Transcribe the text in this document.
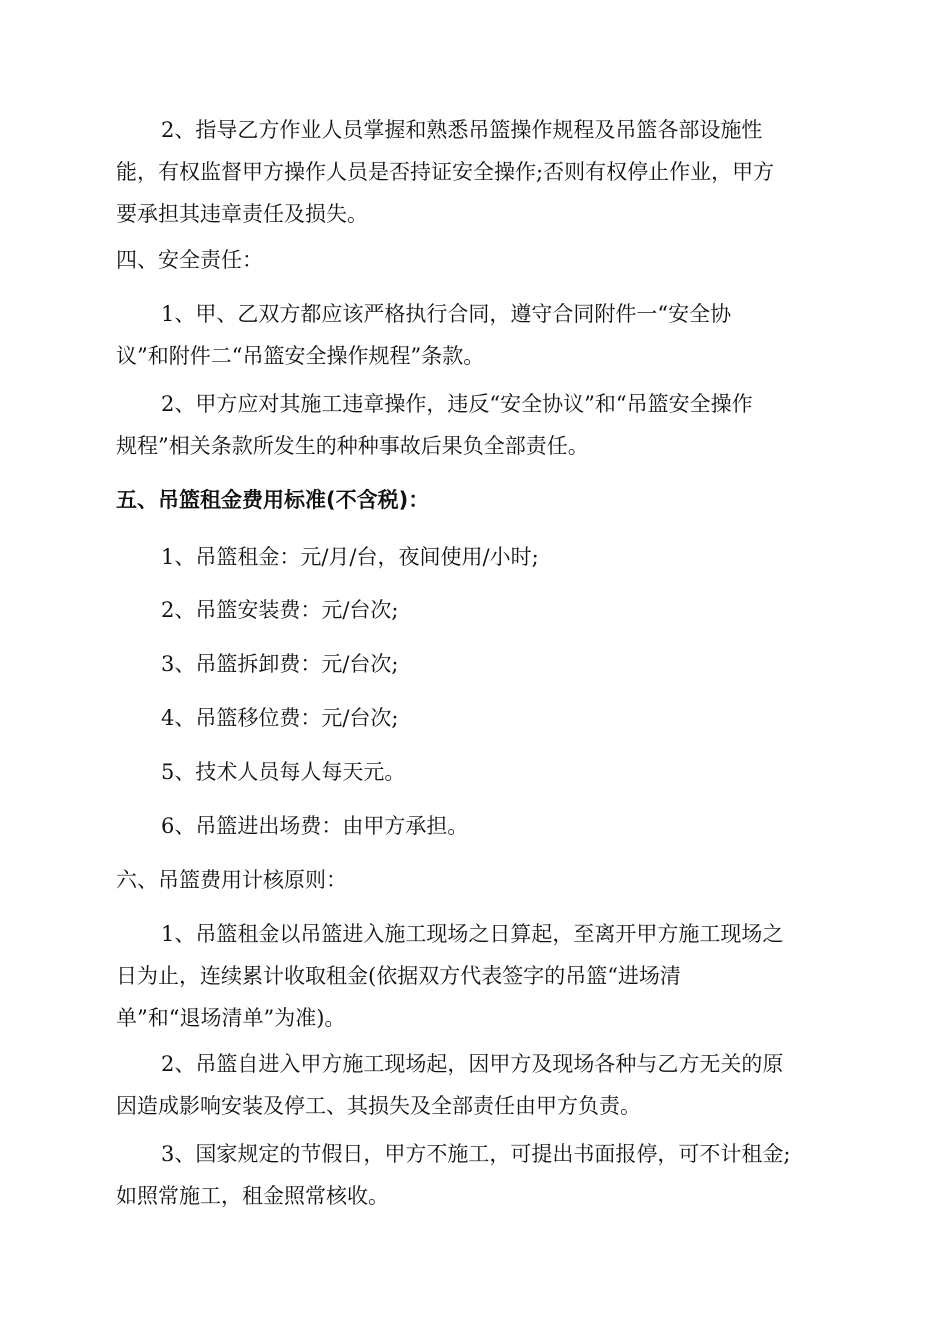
2、指导乙方作业人员掌握和熟悉吊篮操作规程及吊篮各部设施性
能，有权监督甲方操作人员是否持证安全操作;否则有权停止作业，甲方
要承担其违章责任及损失。
四、安全责任：
1、甲、乙双方都应该严格执行合同，遵守合同附件一“安全协
议”和附件二“吊篮安全操作规程”条款。
2、甲方应对其施工违章操作，违反“安全协议”和“吊篮安全操作
规程”相关条款所发生的种种事故后果负全部责任。
五、吊篮租金费用标准(不含税)：
1、吊篮租金：元/月/台，夜间使用/小时;
2、吊篮安装费：元/台次;
3、吊篮拆卸费：元/台次;
4、吊篮移位费：元/台次;
5、技术人员每人每天元。
6、吊篮进出场费：由甲方承担。
六、吊篮费用计核原则：
1、吊篮租金以吊篮进入施工现场之日算起，至离开甲方施工现场之
日为止，连续累计收取租金(依据双方代表签字的吊篮“进场清
单”和“退场清单”为准)。
2、吊篮自进入甲方施工现场起，因甲方及现场各种与乙方无关的原
因造成影响安装及停工、其损失及全部责任由甲方负责。
3、国家规定的节假日，甲方不施工，可提出书面报停，可不计租金;
如照常施工，租金照常核收。
